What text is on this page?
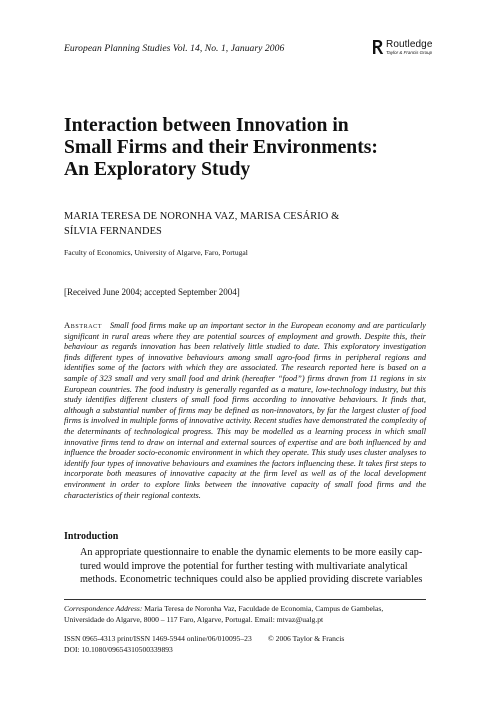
European Planning Studies Vol. 14, No. 1, January 2006	Routledge
Taylor & Francis Group
Interaction between Innovation in
Small Firms and their Environments:
An Exploratory Study
MARIA TERESA DE NORONHA VAZ, MARISA CESÁRIO &
SÍLVIA FERNANDES
Faculty of Economics, University of Algarve, Faro, Portugal
[Received June 2004; accepted September 2004]
Abstract Small food firms make up an important sector in the European economy and are particularly significant in rural areas where they are potential sources of employment and growth. Despite this, their behaviour as regards innovation has been relatively little studied to date. This exploratory investigation finds different types of innovative behaviours among small agro-food firms in peripheral regions and identifies some of the factors with which they are associated. The research reported here is based on a sample of 323 small and very small food and drink (hereafter “food”) firms drawn from 11 regions in six European countries. The food industry is generally regarded as a mature, low-technology industry, but this study identifies different clusters of small food firms according to innovative behaviours. It finds that, although a substantial number of firms may be defined as non-innovators, by far the largest cluster of food firms is involved in multiple forms of innovative activity. Recent studies have demonstrated the complexity of the determinants of technological progress. This may be modelled as a learning process in which small innovative firms tend to draw on internal and external sources of expertise and are both influenced by and influence the broader socio-economic environment in which they operate. This study uses cluster analyses to identify four types of innovative behaviours and examines the factors influencing these. It takes first steps to incorporate both measures of innovative capacity at the firm level as well as of the local development environment in order to explore links between the innovative capacity of small food firms and the characteristics of their regional contexts.
Introduction
An appropriate questionnaire to enable the dynamic elements to be more easily cap-
tured would improve the potential for further testing with multivariate analytical
methods. Econometric techniques could also be applied providing discrete variables
Correspondence Address: Maria Teresa de Noronha Vaz, Faculdade de Economia, Campus de Gambelas,
Universidade do Algarve, 8000 – 117 Faro, Algarve, Portugal. Email: mtvaz@ualg.pt
ISSN 0965-4313 print/ISSN 1469-5944 online/06/010095–23 © 2006 Taylor & Francis
DOI: 10.1080/09654310500339893
